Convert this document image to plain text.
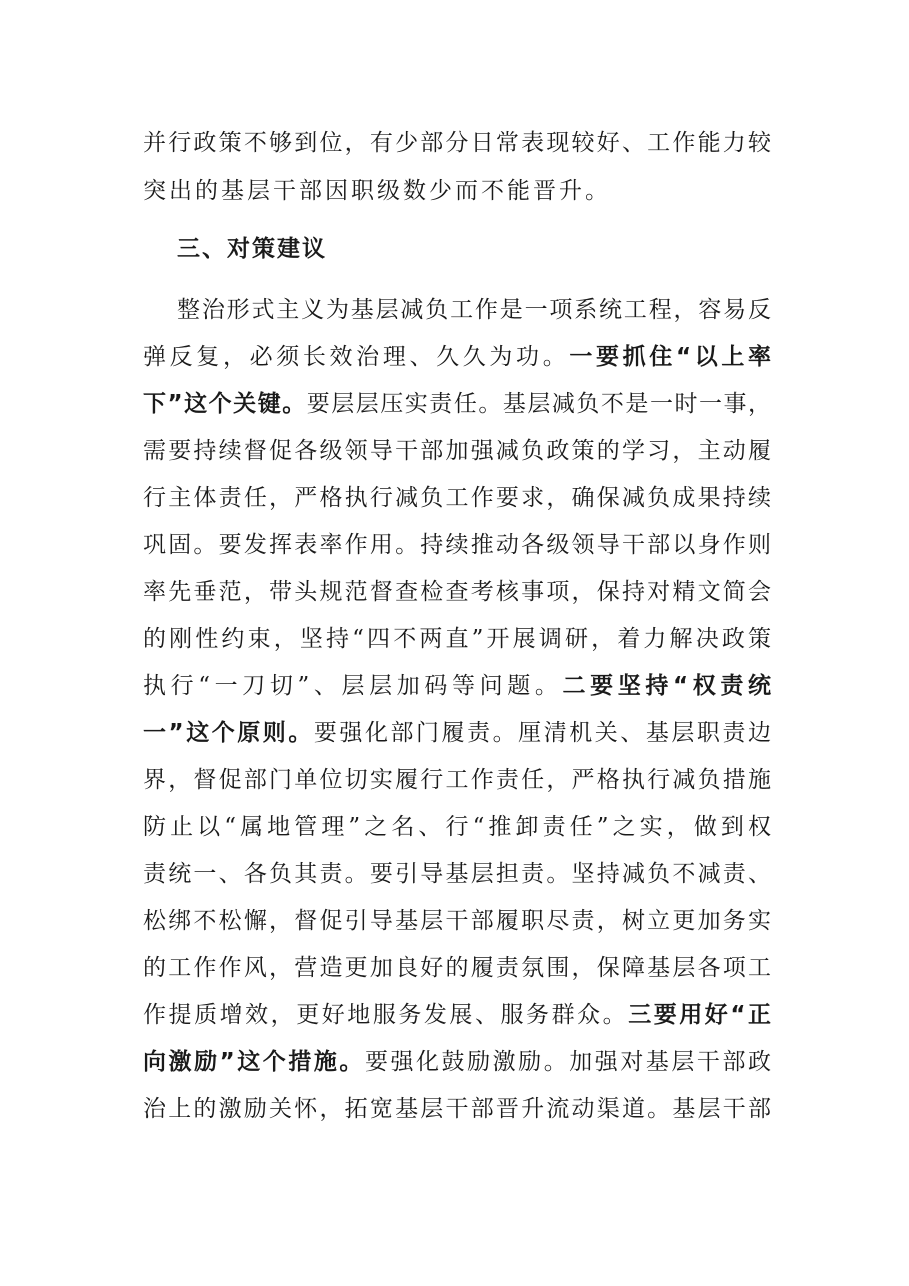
并行政策不够到位，有少部分日常表现较好、工作能力较
突出的基层干部因职级数少而不能晋升。
三、对策建议
整治形式主义为基层减负工作是一项系统工程，容易反
弹反复，必须长效治理、久久为功。一要抓住“以上率
下”这个关键。要层层压实责任。基层减负不是一时一事，
需要持续督促各级领导干部加强减负政策的学习，主动履
行主体责任，严格执行减负工作要求，确保减负成果持续
巩固。要发挥表率作用。持续推动各级领导干部以身作则
率先垂范，带头规范督查检查考核事项，保持对精文简会
的刚性约束，坚持“四不两直”开展调研，着力解决政策
执行“一刀切”、层层加码等问题。二要坚持“权责统
一”这个原则。要强化部门履责。厘清机关、基层职责边
界，督促部门单位切实履行工作责任，严格执行减负措施
防止以“属地管理”之名、行“推卸责任”之实，做到权
责统一、各负其责。要引导基层担责。坚持减负不减责、
松绑不松懈，督促引导基层干部履职尽责，树立更加务实
的工作作风，营造更加良好的履责氛围，保障基层各项工
作提质增效，更好地服务发展、服务群众。三要用好“正
向激励”这个措施。要强化鼓励激励。加强对基层干部政
治上的激励关怀，拓宽基层干部晋升流动渠道。基层干部
